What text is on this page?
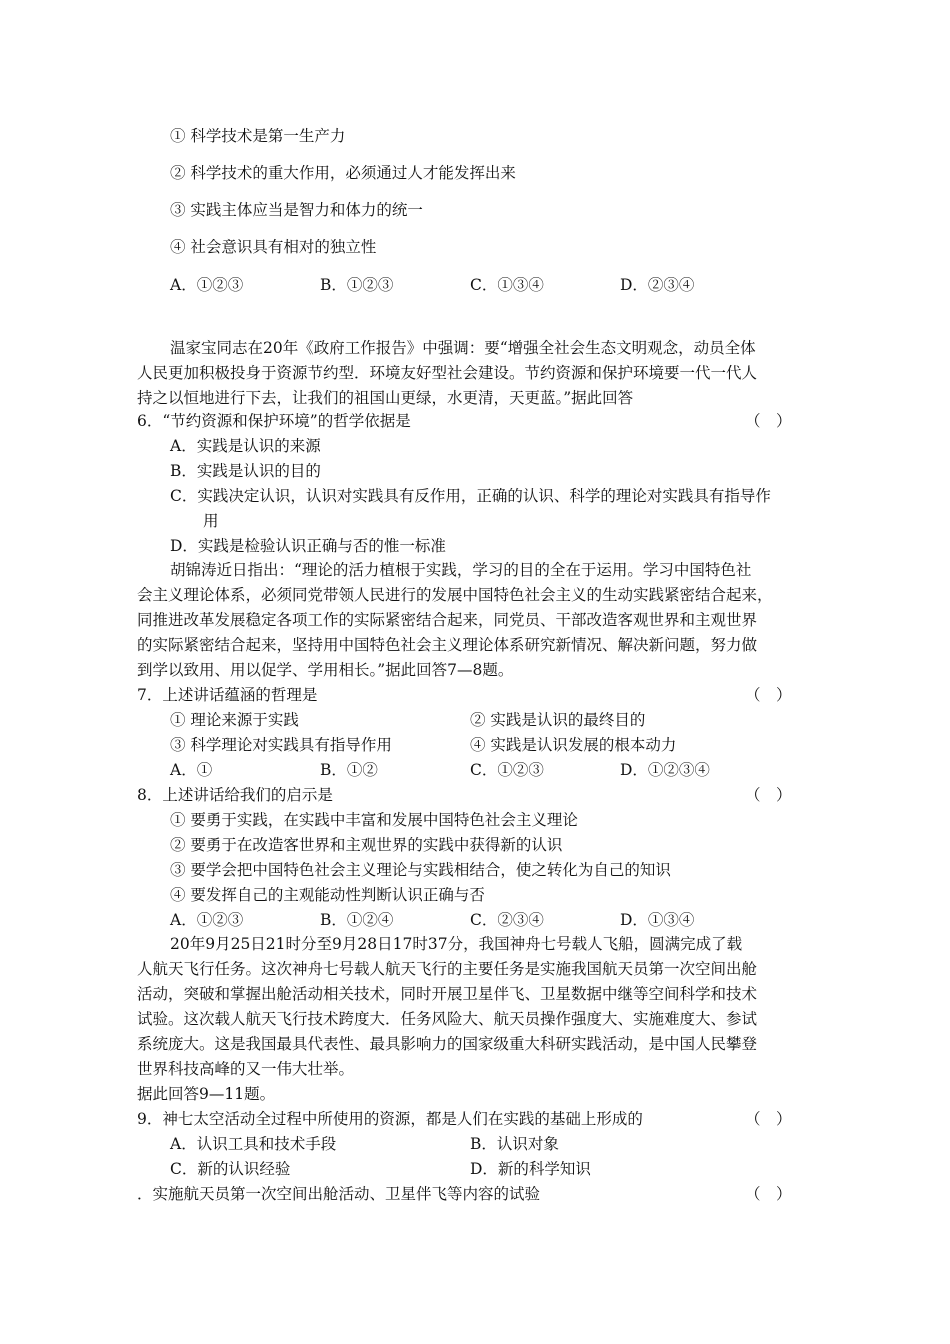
① 科学技术是第一生产力
② 科学技术的重大作用，必须通过人才能发挥出来
③ 实践主体应当是智力和体力的统一
④ 社会意识具有相对的独立性
A．①②③	B．①②③	C．①③④	D．②③④
温家宝同志在20年《政府工作报告》中强调：要“增强全社会生态文明观念，动员全体
人民更加积极投身于资源节约型．环境友好型社会建设。节约资源和保护环境要一代一代人
持之以恒地进行下去，让我们的祖国山更绿，水更清，天更蓝。”据此回答
6．“节约资源和保护环境”的哲学依据是	（　）
A．实践是认识的来源
B．实践是认识的目的
C．实践决定认识，认识对实践具有反作用，正确的认识、科学的理论对实践具有指导作
用
D．实践是检验认识正确与否的惟一标准
胡锦涛近日指出：“理论的活力植根于实践，学习的目的全在于运用。学习中国特色社
会主义理论体系，必须同党带领人民进行的发展中国特色社会主义的生动实践紧密结合起来，
同推进改革发展稳定各项工作的实际紧密结合起来，同党员、干部改造客观世界和主观世界
的实际紧密结合起来，坚持用中国特色社会主义理论体系研究新情况、解决新问题，努力做
到学以致用、用以促学、学用相长。”据此回答7—8题。
7．上述讲话蕴涵的哲理是	（　）
① 理论来源于实践	② 实践是认识的最终目的
③ 科学理论对实践具有指导作用	④ 实践是认识发展的根本动力
A．①	B．①②	C．①②③	D．①②③④
8．上述讲话给我们的启示是	（　）
① 要勇于实践，在实践中丰富和发展中国特色社会主义理论
② 要勇于在改造客世界和主观世界的实践中获得新的认识
③ 要学会把中国特色社会主义理论与实践相结合，使之转化为自己的知识
④ 要发挥自己的主观能动性判断认识正确与否
A．①②③	B．①②④	C．②③④	D．①③④
20年9月25日21时分至9月28日17时37分，我国神舟七号载人飞船，圆满完成了载
人航天飞行任务。这次神舟七号载人航天飞行的主要任务是实施我国航天员第一次空间出舱
活动，突破和掌握出舱活动相关技术，同时开展卫星伴飞、卫星数据中继等空间科学和技术
试验。这次载人航天飞行技术跨度大．任务风险大、航天员操作强度大、实施难度大、参试
系统庞大。这是我国最具代表性、最具影响力的国家级重大科研实践活动，是中国人民攀登
世界科技高峰的又一伟大壮举。
据此回答9—11题。
9．神七太空活动全过程中所使用的资源，都是人们在实践的基础上形成的	（　）
A．认识工具和技术手段	B．认识对象
C．新的认识经验	D．新的科学知识
．实施航天员第一次空间出舱活动、卫星伴飞等内容的试验	（　）
